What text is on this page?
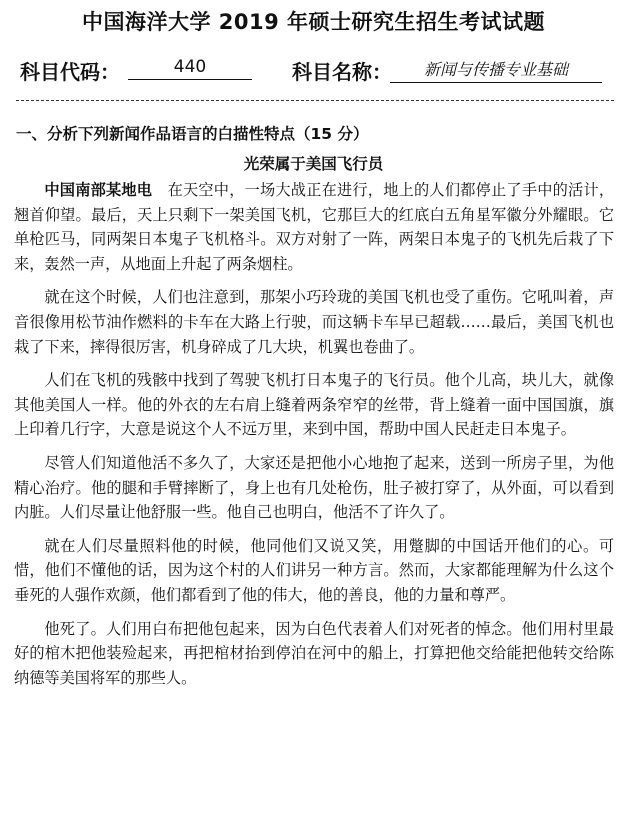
中国海洋大学 2019 年硕士研究生招生考试试题
科目代码：	440	科目名称：	新闻与传播专业基础
一、分析下列新闻作品语言的白描性特点（15 分）
光荣属于美国飞行员

中国南部某地电　在天空中，一场大战正在进行，地上的人们都停止了手中的活计，翘首仰望。最后，天上只剩下一架美国飞机，它那巨大的红底白五角星军徽分外耀眼。它单枪匹马，同两架日本鬼子飞机格斗。双方对射了一阵，两架日本鬼子的飞机先后栽了下来，轰然一声，从地面上升起了两条烟柱。

就在这个时候，人们也注意到，那架小巧玲珑的美国飞机也受了重伤。它吼叫着，声音很像用松节油作燃料的卡车在大路上行驶，而这辆卡车早已超载……最后，美国飞机也栽了下来，摔得很厉害，机身碎成了几大块，机翼也卷曲了。

人们在飞机的残骸中找到了驾驶飞机打日本鬼子的飞行员。他个儿高，块儿大，就像其他美国人一样。他的外衣的左右肩上缝着两条窄窄的丝带，背上缝着一面中国国旗，旗上印着几行字，大意是说这个人不远万里，来到中国，帮助中国人民赶走日本鬼子。

尽管人们知道他活不多久了，大家还是把他小心地抱了起来，送到一所房子里，为他精心治疗。他的腿和手臂摔断了，身上也有几处枪伤，肚子被打穿了，从外面，可以看到内脏。人们尽量让他舒服一些。他自己也明白，他活不了许久了。

就在人们尽量照料他的时候，他同他们又说又笑，用蹩脚的中国话开他们的心。可惜，他们不懂他的话，因为这个村的人们讲另一种方言。然而，大家都能理解为什么这个垂死的人强作欢颜，他们都看到了他的伟大，他的善良，他的力量和尊严。

他死了。人们用白布把他包起来，因为白色代表着人们对死者的悼念。他们用村里最好的棺木把他装殓起来，再把棺材抬到停泊在河中的船上，打算把他交给能把他转交给陈纳德等美国将军的那些人。
